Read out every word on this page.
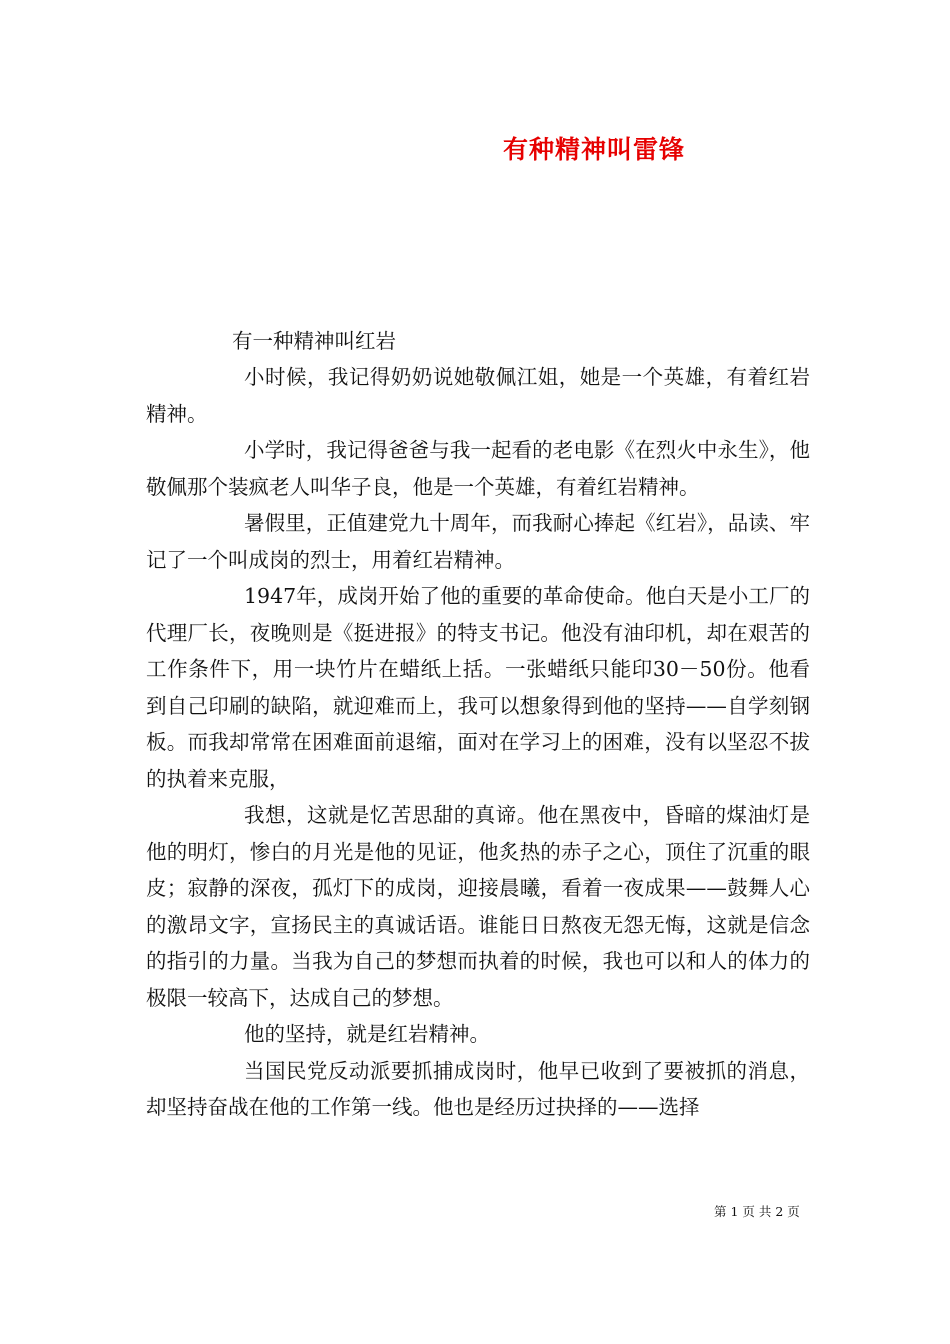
有种精神叫雷锋
有一种精神叫红岩

小时候，我记得奶奶说她敬佩江姐，她是一个英雄，有着红岩精神。

小学时，我记得爸爸与我一起看的老电影《在烈火中永生》，他敬佩那个装疯老人叫华子良，他是一个英雄，有着红岩精神。

暑假里，正值建党九十周年，而我耐心捧起《红岩》，品读、牢记了一个叫成岗的烈士，用着红岩精神。

1947年，成岗开始了他的重要的革命使命。他白天是小工厂的代理厂长，夜晚则是《挺进报》的特支书记。他没有油印机，却在艰苦的工作条件下，用一块竹片在蜡纸上括。一张蜡纸只能印30－50份。他看到自己印刷的缺陷，就迎难而上，我可以想象得到他的坚持——自学刻钢板。而我却常常在困难面前退缩，面对在学习上的困难，没有以坚忍不拔的执着来克服，

我想，这就是忆苦思甜的真谛。他在黑夜中，昏暗的煤油灯是他的明灯，惨白的月光是他的见证，他炙热的赤子之心，顶住了沉重的眼皮；寂静的深夜，孤灯下的成岗，迎接晨曦，看着一夜成果——鼓舞人心的激昂文字，宣扬民主的真诚话语。谁能日日熬夜无怨无悔，这就是信念的指引的力量。当我为自己的梦想而执着的时候，我也可以和人的体力的极限一较高下，达成自己的梦想。

他的坚持，就是红岩精神。

当国民党反动派要抓捕成岗时，他早已收到了要被抓的消息，却坚持奋战在他的工作第一线。他也是经历过抉择的——选择

第 1 页 共 2 页
